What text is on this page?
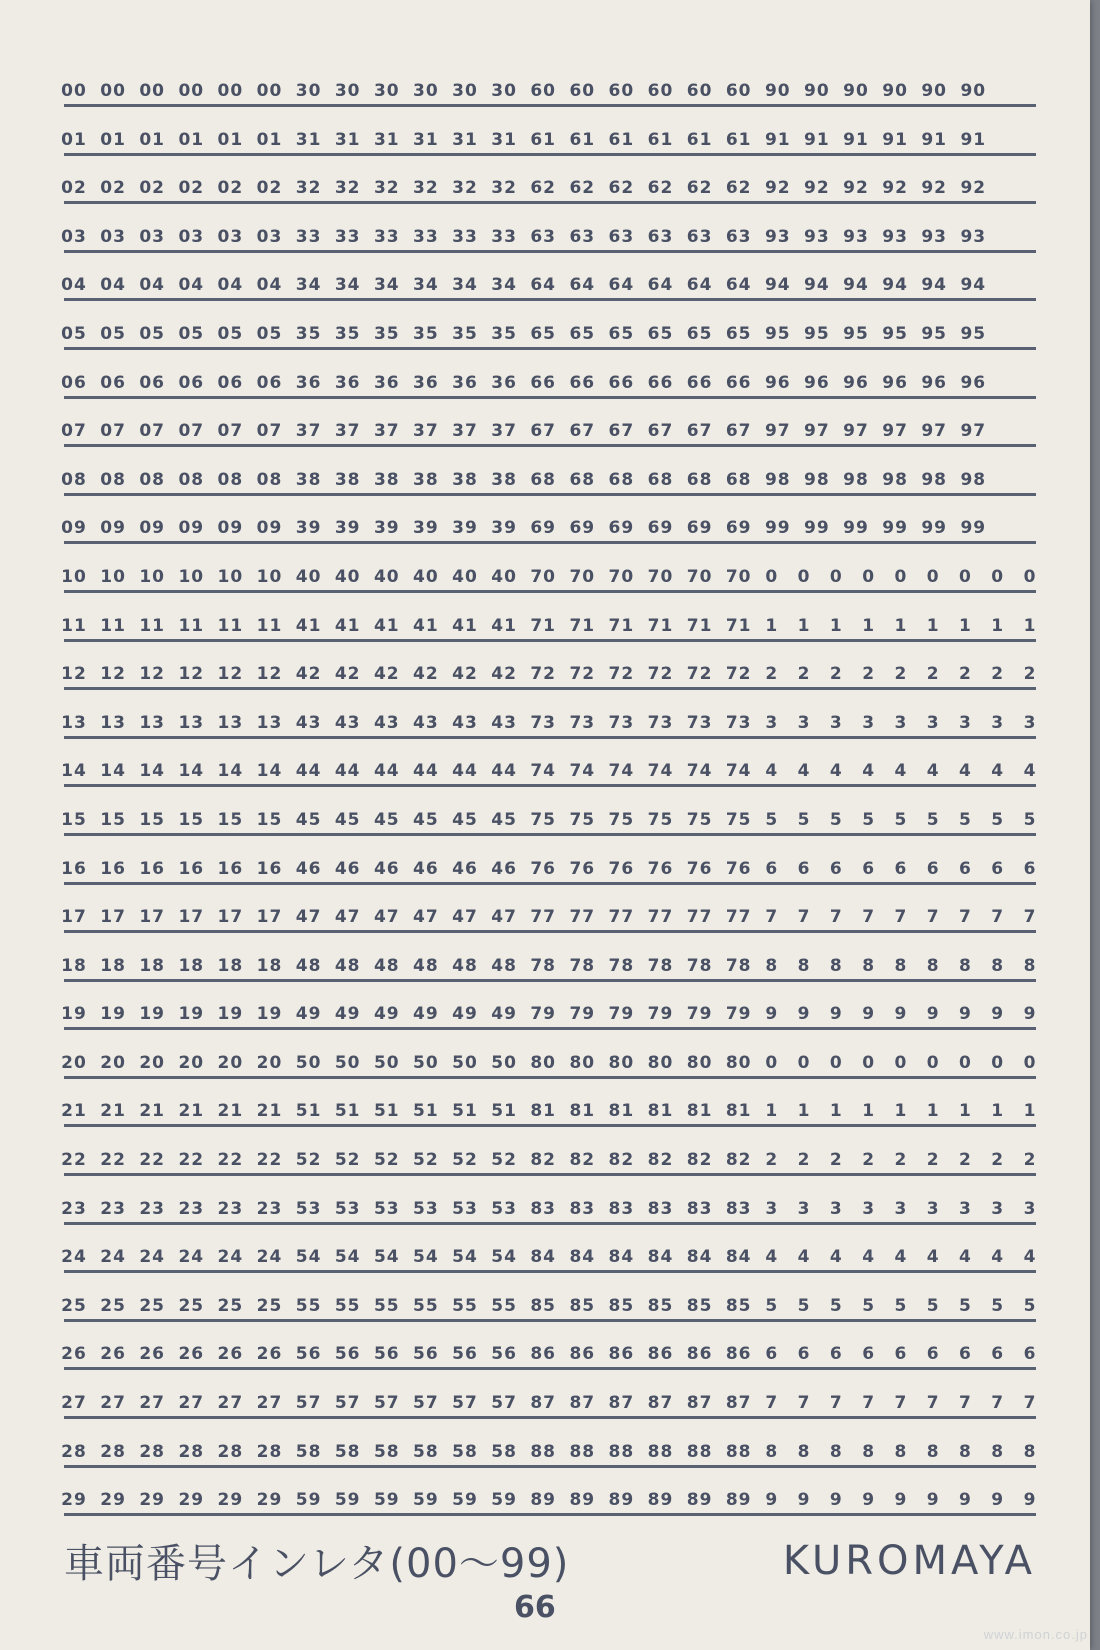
00 00 00 00 00 00 30 30 30 30 30 30 60 60 60 60 60 60 90 90 90 90 90 90
01 01 01 01 01 01 31 31 31 31 31 31 61 61 61 61 61 61 91 91 91 91 91 91
02 02 02 02 02 02 32 32 32 32 32 32 62 62 62 62 62 62 92 92 92 92 92 92
03 03 03 03 03 03 33 33 33 33 33 33 63 63 63 63 63 63 93 93 93 93 93 93
04 04 04 04 04 04 34 34 34 34 34 34 64 64 64 64 64 64 94 94 94 94 94 94
05 05 05 05 05 05 35 35 35 35 35 35 65 65 65 65 65 65 95 95 95 95 95 95
06 06 06 06 06 06 36 36 36 36 36 36 66 66 66 66 66 66 96 96 96 96 96 96
07 07 07 07 07 07 37 37 37 37 37 37 67 67 67 67 67 67 97 97 97 97 97 97
08 08 08 08 08 08 38 38 38 38 38 38 68 68 68 68 68 68 98 98 98 98 98 98
09 09 09 09 09 09 39 39 39 39 39 39 69 69 69 69 69 69 99 99 99 99 99 99
10 10 10 10 10 10 40 40 40 40 40 40 70 70 70 70 70 70 0 0 0 0 0 0 0 0 0
11 11 11 11 11 11 41 41 41 41 41 41 71 71 71 71 71 71 1 1 1 1 1 1 1 1 1
12 12 12 12 12 12 42 42 42 42 42 42 72 72 72 72 72 72 2 2 2 2 2 2 2 2 2
13 13 13 13 13 13 43 43 43 43 43 43 73 73 73 73 73 73 3 3 3 3 3 3 3 3 3
14 14 14 14 14 14 44 44 44 44 44 44 74 74 74 74 74 74 4 4 4 4 4 4 4 4 4
15 15 15 15 15 15 45 45 45 45 45 45 75 75 75 75 75 75 5 5 5 5 5 5 5 5 5
16 16 16 16 16 16 46 46 46 46 46 46 76 76 76 76 76 76 6 6 6 6 6 6 6 6 6
17 17 17 17 17 17 47 47 47 47 47 47 77 77 77 77 77 77 7 7 7 7 7 7 7 7 7
18 18 18 18 18 18 48 48 48 48 48 48 78 78 78 78 78 78 8 8 8 8 8 8 8 8 8
19 19 19 19 19 19 49 49 49 49 49 49 79 79 79 79 79 79 9 9 9 9 9 9 9 9 9
20 20 20 20 20 20 50 50 50 50 50 50 80 80 80 80 80 80 0 0 0 0 0 0 0 0 0
21 21 21 21 21 21 51 51 51 51 51 51 81 81 81 81 81 81 1 1 1 1 1 1 1 1 1
22 22 22 22 22 22 52 52 52 52 52 52 82 82 82 82 82 82 2 2 2 2 2 2 2 2 2
23 23 23 23 23 23 53 53 53 53 53 53 83 83 83 83 83 83 3 3 3 3 3 3 3 3 3
24 24 24 24 24 24 54 54 54 54 54 54 84 84 84 84 84 84 4 4 4 4 4 4 4 4 4
25 25 25 25 25 25 55 55 55 55 55 55 85 85 85 85 85 85 5 5 5 5 5 5 5 5 5
26 26 26 26 26 26 56 56 56 56 56 56 86 86 86 86 86 86 6 6 6 6 6 6 6 6 6
27 27 27 27 27 27 57 57 57 57 57 57 87 87 87 87 87 87 7 7 7 7 7 7 7 7 7
28 28 28 28 28 28 58 58 58 58 58 58 88 88 88 88 88 88 8 8 8 8 8 8 8 8 8
29 29 29 29 29 29 59 59 59 59 59 59 89 89 89 89 89 89 9 9 9 9 9 9 9 9 9
車両番号インレタ(00～99)	KUROMAYA
66
www.imon.co.jp
